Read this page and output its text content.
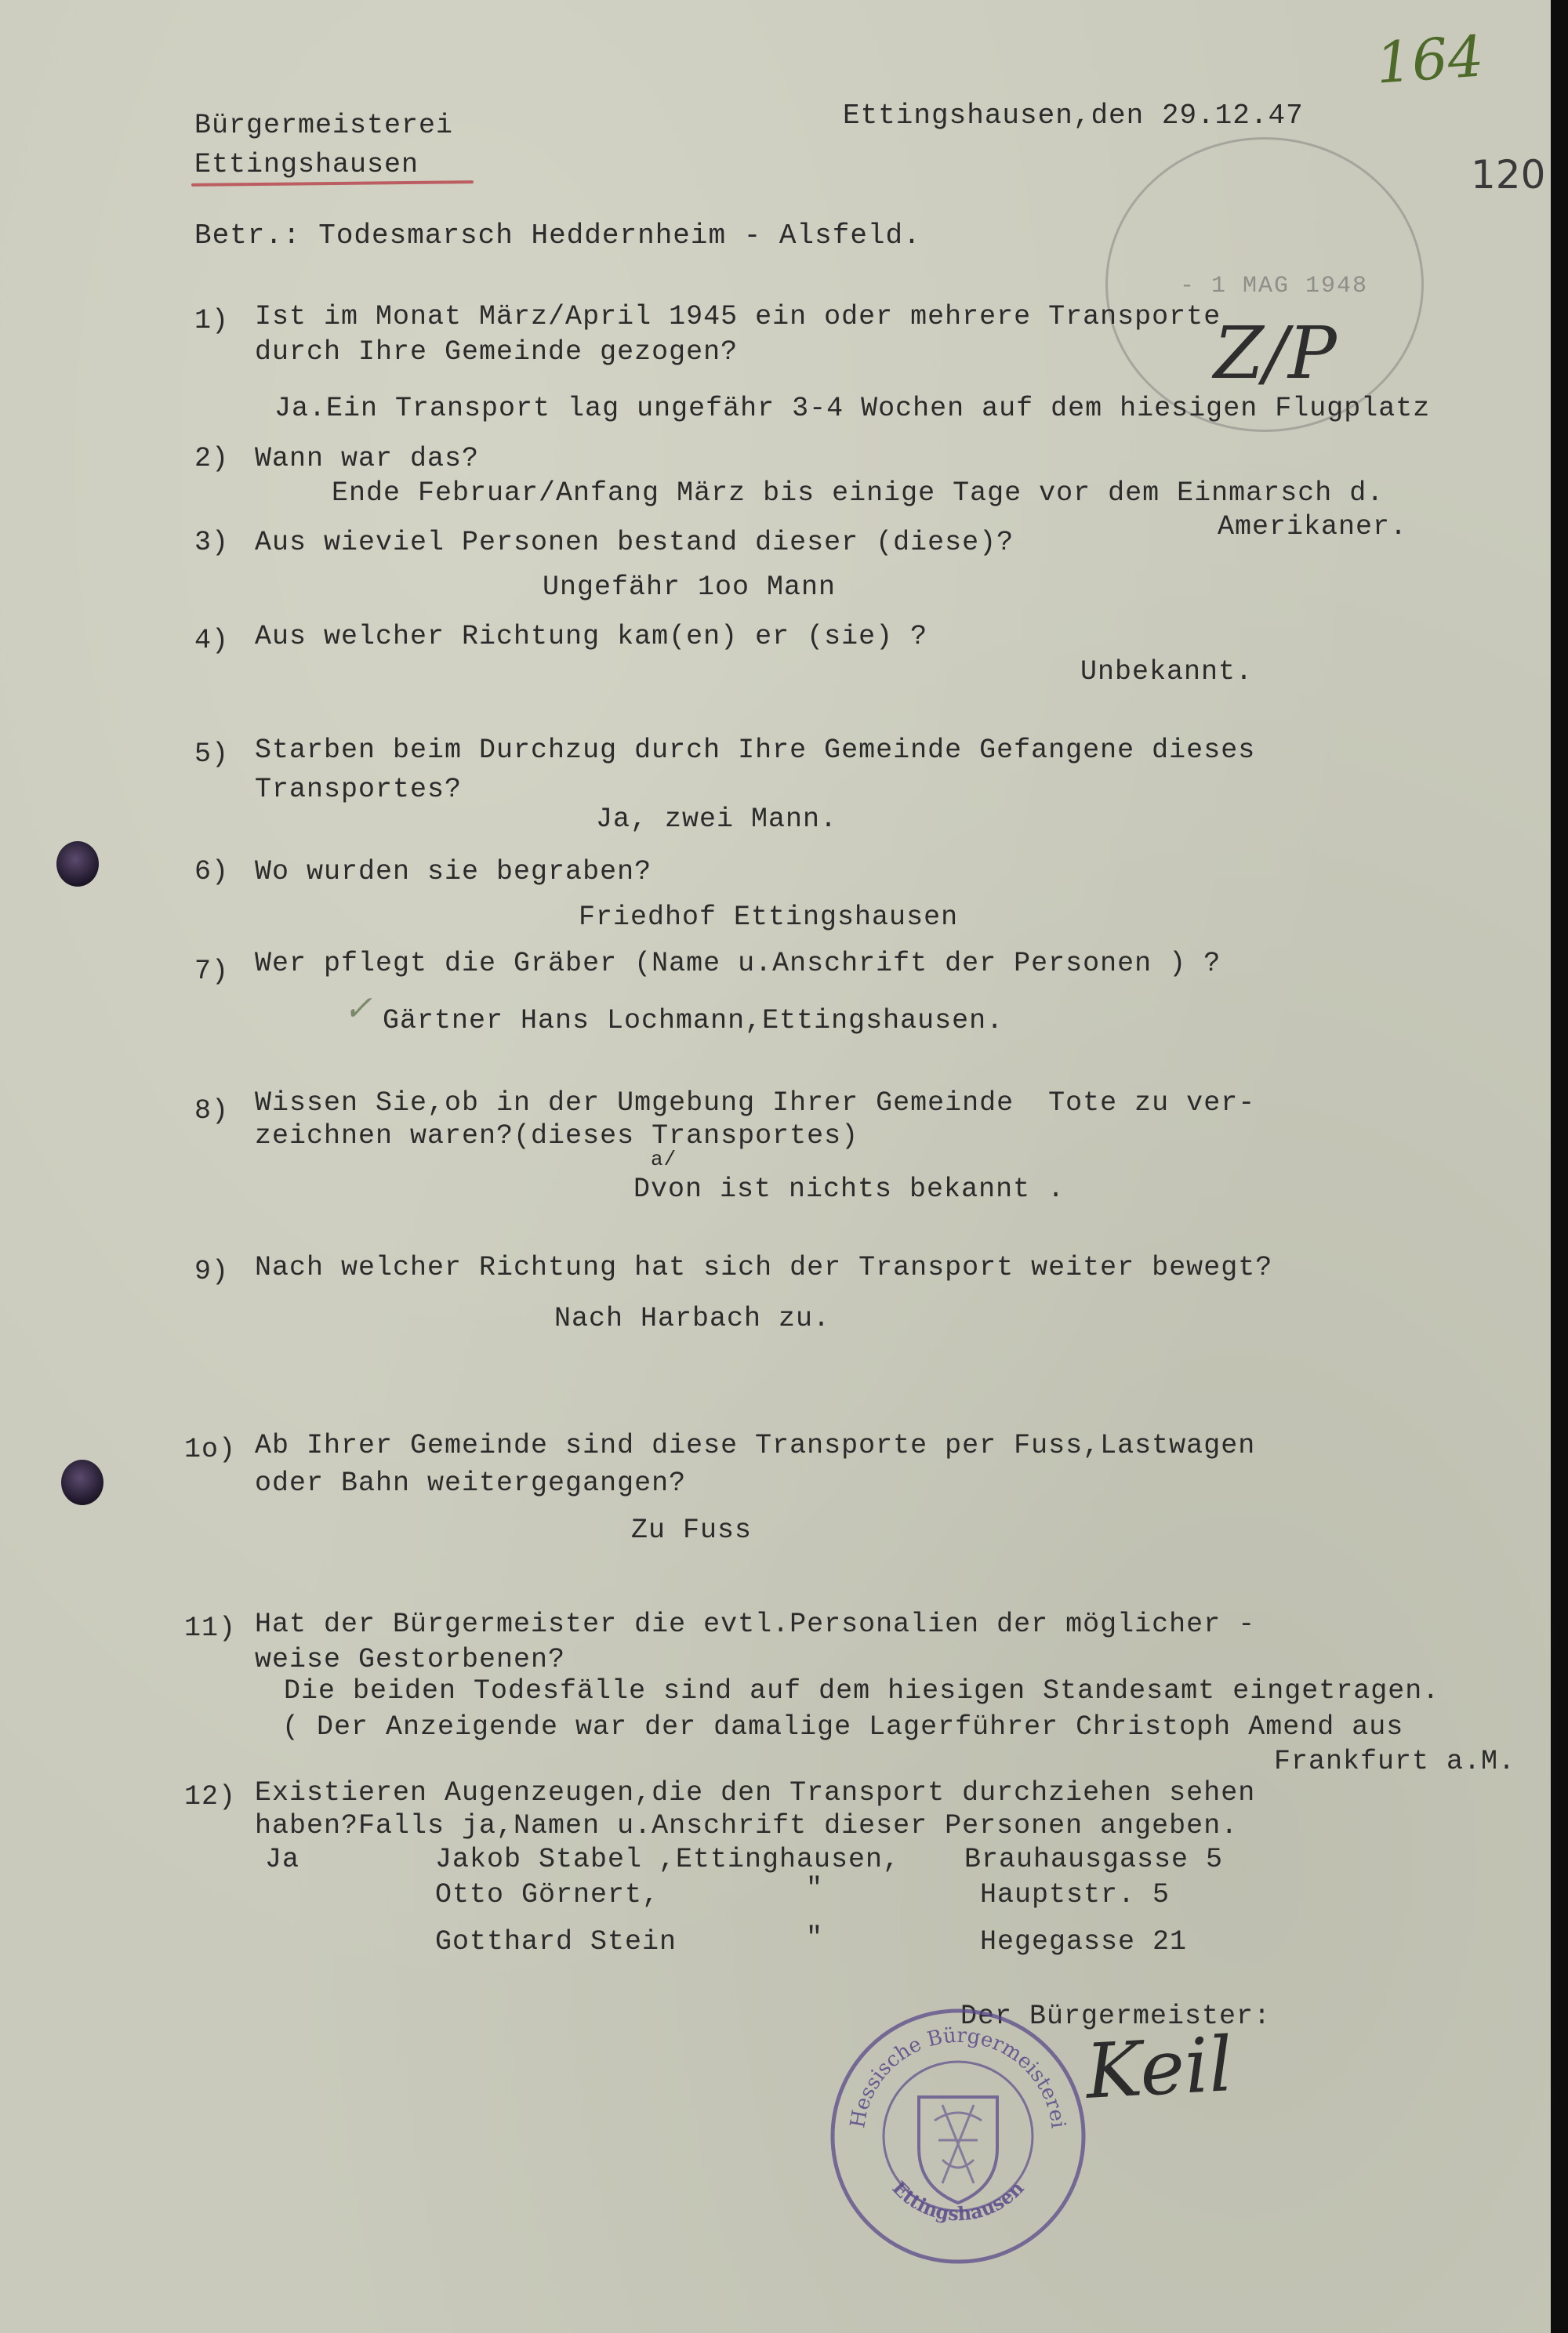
Bürgermeisterei
Ettingshausen
Ettingshausen,den 29.12.47
164
120
- 1 MAG 1948
Z/P
Betr.: Todesmarsch Heddernheim - Alsfeld.
1) Ist im Monat März/April 1945 ein oder mehrere Transporte
durch Ihre Gemeinde gezogen?
Ja.Ein Transport lag ungefähr 3-4 Wochen auf dem hiesigen Flugplatz
2) Wann war das?
Ende Februar/Anfang März bis einige Tage vor dem Einmarsch d.
Amerikaner.
3) Aus wieviel Personen bestand dieser (diese)?
Ungefähr 1oo Mann
4) Aus welcher Richtung kam(en) er (sie) ?
Unbekannt.
5) Starben beim Durchzug durch Ihre Gemeinde Gefangene dieses
Transportes?
Ja, zwei Mann.
6) Wo wurden sie begraben?
Friedhof Ettingshausen
7) Wer pflegt die Gräber (Name u.Anschrift der Personen ) ?
✓ Gärtner Hans Lochmann,Ettingshausen.
8) Wissen Sie,ob in der Umgebung Ihrer Gemeinde  Tote zu ver-
zeichnen waren?(dieses Transportes)
a/
Dvon ist nichts bekannt .
9) Nach welcher Richtung hat sich der Transport weiter bewegt?
Nach Harbach zu.
1o) Ab Ihrer Gemeinde sind diese Transporte per Fuss,Lastwagen
oder Bahn weitergegangen?
Zu Fuss
11) Hat der Bürgermeister die evtl.Personalien der möglicher -
weise Gestorbenen?
Die beiden Todesfälle sind auf dem hiesigen Standesamt eingetragen.
( Der Anzeigende war der damalige Lagerführer Christoph Amend aus
Frankfurt a.M.
12) Existieren Augenzeugen,die den Transport durchziehen sehen
haben?Falls ja,Namen u.Anschrift dieser Personen angeben.
Ja	Jakob Stabel ,Ettinghausen, Brauhausgasse 5
Otto Görnert,	"	Hauptstr. 5
Gotthard Stein	"	Hegegasse 21
Der Bürgermeister:
Keil
Hessische Bürgermeisterei
Ettingshausen
